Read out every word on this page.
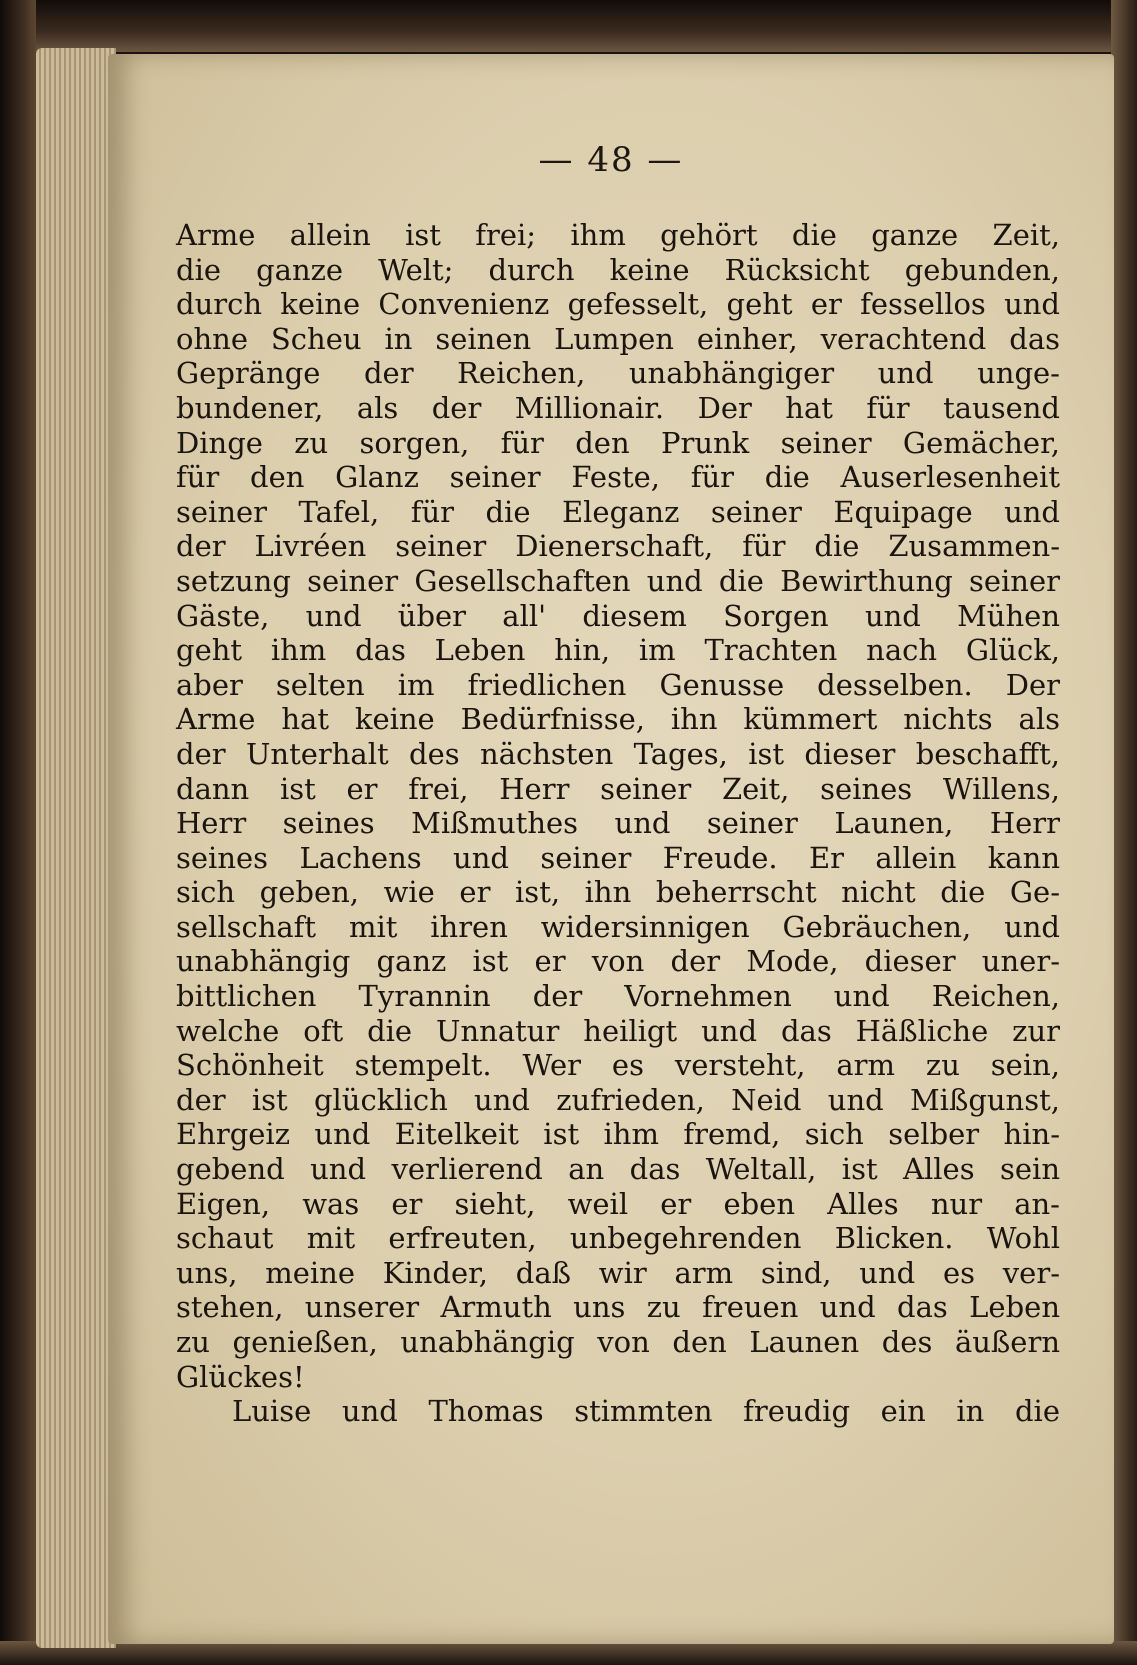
— 48 —
Arme allein ist frei; ihm gehört die ganze Zeit,
die ganze Welt; durch keine Rücksicht gebunden,
durch keine Convenienz gefesselt, geht er fessellos und
ohne Scheu in seinen Lumpen einher, verachtend das
Gepränge der Reichen, unabhängiger und unge-
bundener, als der Millionair. Der hat für tausend
Dinge zu sorgen, für den Prunk seiner Gemächer,
für den Glanz seiner Feste, für die Auserlesenheit
seiner Tafel, für die Eleganz seiner Equipage und
der Livréen seiner Dienerschaft, für die Zusammen-
setzung seiner Gesellschaften und die Bewirthung seiner
Gäste, und über all' diesem Sorgen und Mühen
geht ihm das Leben hin, im Trachten nach Glück,
aber selten im friedlichen Genusse desselben. Der
Arme hat keine Bedürfnisse, ihn kümmert nichts als
der Unterhalt des nächsten Tages, ist dieser beschafft,
dann ist er frei, Herr seiner Zeit, seines Willens,
Herr seines Mißmuthes und seiner Launen, Herr
seines Lachens und seiner Freude. Er allein kann
sich geben, wie er ist, ihn beherrscht nicht die Ge-
sellschaft mit ihren widersinnigen Gebräuchen, und
unabhängig ganz ist er von der Mode, dieser uner-
bittlichen Tyrannin der Vornehmen und Reichen,
welche oft die Unnatur heiligt und das Häßliche zur
Schönheit stempelt. Wer es versteht, arm zu sein,
der ist glücklich und zufrieden, Neid und Mißgunst,
Ehrgeiz und Eitelkeit ist ihm fremd, sich selber hin-
gebend und verlierend an das Weltall, ist Alles sein
Eigen, was er sieht, weil er eben Alles nur an-
schaut mit erfreuten, unbegehrenden Blicken. Wohl
uns, meine Kinder, daß wir arm sind, und es ver-
stehen, unserer Armuth uns zu freuen und das Leben
zu genießen, unabhängig von den Launen des äußern
Glückes!
Luise und Thomas stimmten freudig ein in die
